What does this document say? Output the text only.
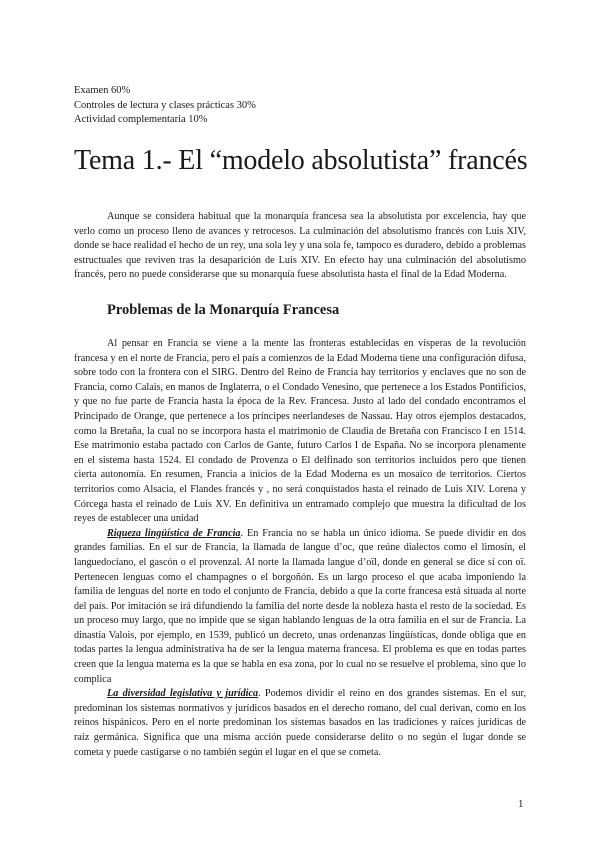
Examen 60%
Controles de lectura y clases prácticas 30%
Actividad complementaria 10%
Tema 1.- El “modelo absolutista” francés

Aunque se considera habitual que la monarquía francesa sea la absolutista por excelencia, hay que verlo como un proceso lleno de avances y retrocesos. La culminación del absolutismo francés con Luis XIV, donde se hace realidad el hecho de un rey, una sola ley y una sola fe, tampoco es duradero, debido a problemas estructuales que reviven tras la desaparición de Luis XIV. En efecto hay una culminación del absolutismo francés, pero no puede considerarse que su monarquía fuese absolutista hasta el final de la Edad Moderna.

Problemas de la Monarquía Francesa

Al pensar en Francia se viene a la mente las fronteras establecidas en vísperas de la revolución francesa y en el norte de Francia, pero el país a comienzos de la Edad Moderna tiene una configuración difusa, sobre todo con la frontera con el SIRG. Dentro del Reino de Francia hay territorios y enclaves que no son de Francia, como Calais, en manos de Inglaterra, o el Condado Venesino, que pertenece a los Estados Pontificios, y que no fue parte de Francia hasta la época de la Rev. Francesa. Justo al lado del condado encontramos el Principado de Orange, que pertenece a los príncipes neerlandeses de Nassau. Hay otros ejemplos destacados, como la Bretaña, la cual no se incorpora hasta el matrimonio de Claudia de Bretaña con Francisco I en 1514. Ese matrimonio estaba pactado con Carlos de Gante, futuro Carlos I de España. No se incorpora plenamente en el sistema hasta 1524. El condado de Provenza o El delfinado son territorios incluidos pero que tienen cierta autonomía. En resumen, Francia a inicios de la Edad Moderna es un mosaico de territorios. Ciertos territorios como Alsacia, el Flandes francés y , no será conquistados hasta el reinado de Luis XIV. Lorena y Córcega hasta el reinado de Luis XV. En definitiva un entramado complejo que muestra la dificultad de los reyes de establecer una unidad

Riqueza lingüística de Francia. En Francia no se habla un único idioma. Se puede dividir en dos grandes familias. En el sur de Francia, la llamada de langue d’oc, que reúne dialectos como el limosín, el languedociano, el gascón o el provenzal. Al norte la llamada langue d’oïl, donde en general se dice sí con oï. Pertenecen lenguas como el champagnes o el borgoñón. Es un largo proceso el que acaba imponiendo la familia de lenguas del norte en todo el conjunto de Francia, debido a que la corte francesa está situada al norte del país. Por imitación se irá difundiendo la familia del norte desde la nobleza hasta el resto de la sociedad. Es un proceso muy largo, que no impide que se sigan hablando lenguas de la otra familia en el sur de Francia. La dinastía Valois, por ejemplo, en 1539, publicó un decreto, unas ordenanzas lingüísticas, donde obliga que en todas partes la lengua administrativa ha de ser la lengua materna francesa. El problema es que en todas partes creen que la lengua materna es la que se habla en esa zona, por lo cual no se resuelve el problema, sino que lo complica

La diversidad legislativa y jurídica. Podemos dividir el reino en dos grandes sistemas. En el sur, predominan los sistemas normativos y jurídicos basados en el derecho romano, del cual derivan, como en los reinos hispánicos. Pero en el norte predominan los sistemas basados en las tradiciones y raíces jurídicas de raíz germánica. Significa que una misma acción puede considerarse delito o no según el lugar donde se cometa y puede castigarse o no también según el lugar en el que se cometa.

1
